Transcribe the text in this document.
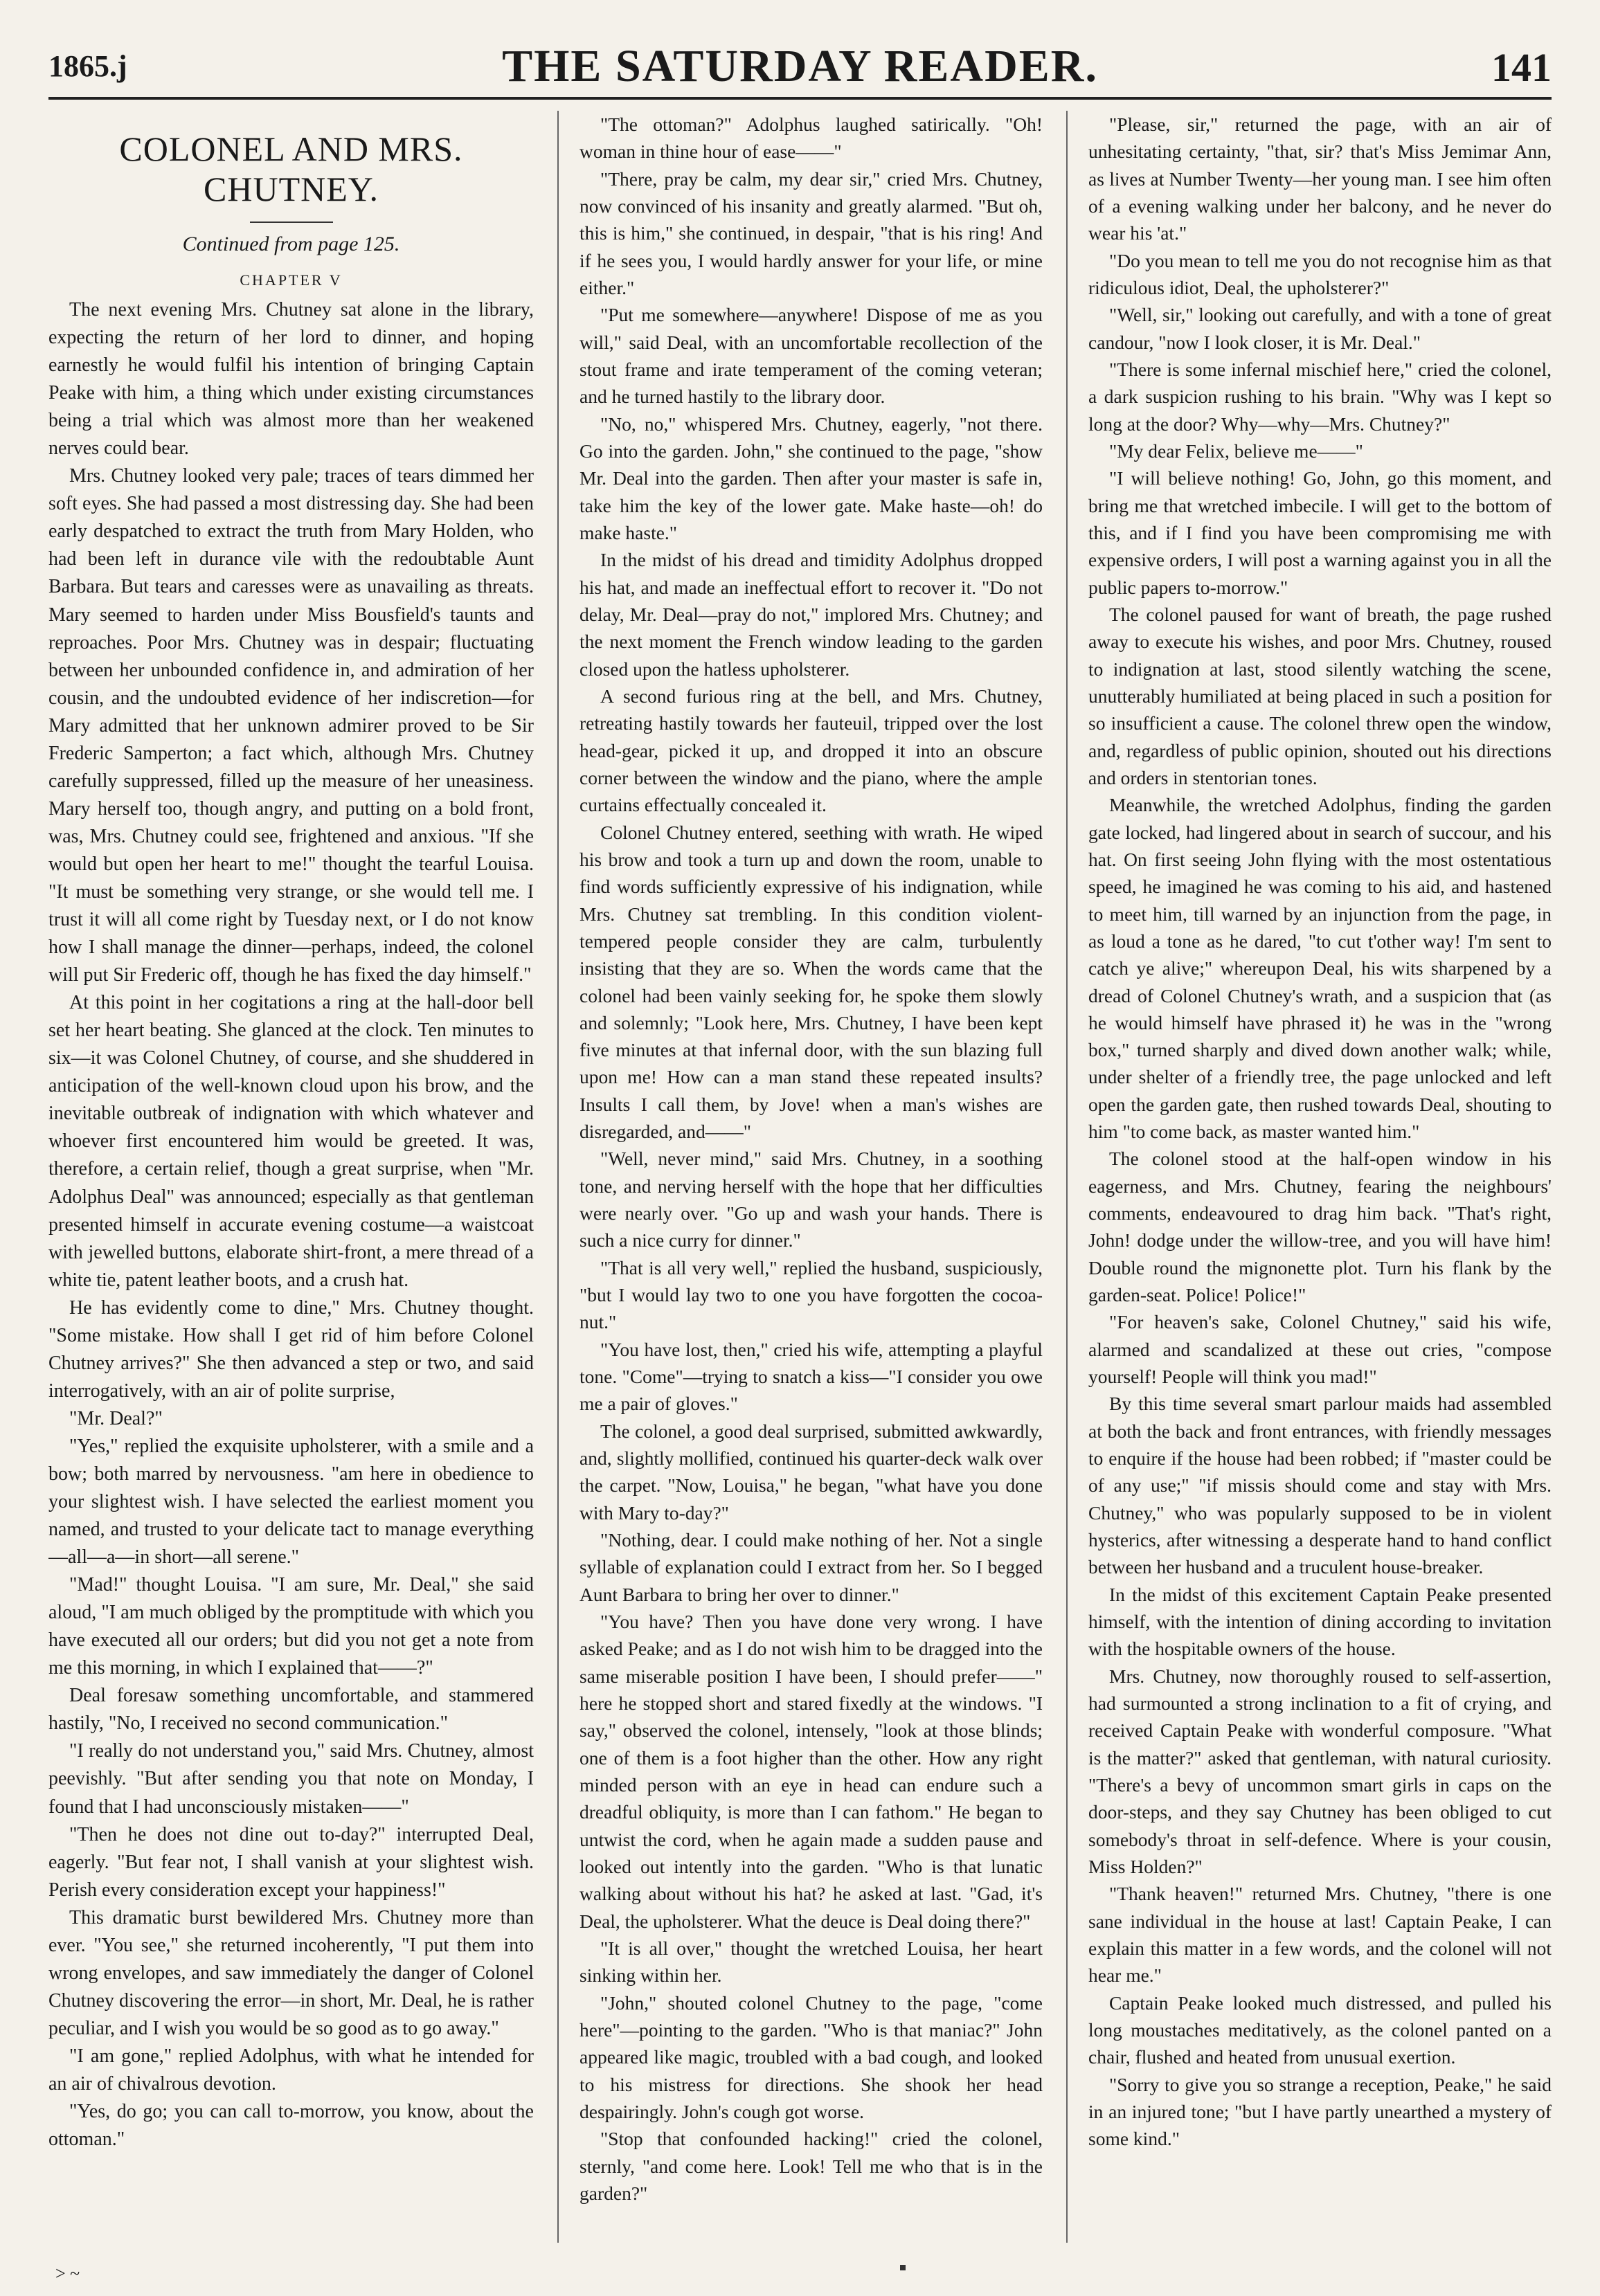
1865.j	THE SATURDAY READER.	141
COLONEL AND MRS. CHUTNEY.
Continued from page 125.
CHAPTER V

The next evening Mrs. Chutney sat alone in the library, expecting the return of her lord to dinner, and hoping earnestly he would fulfil his intention of bringing Captain Peake with him, a thing which under existing circumstances being a trial which was almost more than her weakened nerves could bear.

Mrs. Chutney looked very pale; traces of tears dimmed her soft eyes. She had passed a most distressing day. She had been early despatched to extract the truth from Mary Holden, who had been left in durance vile with the redoubtable Aunt Barbara. But tears and caresses were as unavailing as threats. Mary seemed to harden under Miss Bousfield's taunts and reproaches. Poor Mrs. Chutney was in despair; fluctuating between her unbounded confidence in, and admiration of her cousin, and the undoubted evidence of her indiscretion—for Mary admitted that her unknown admirer proved to be Sir Frederic Samperton; a fact which, although Mrs. Chutney carefully suppressed, filled up the measure of her uneasiness. Mary herself too, though angry, and putting on a bold front, was, Mrs. Chutney could see, frightened and anxious. "If she would but open her heart to me!" thought the tearful Louisa. "It must be something very strange, or she would tell me. I trust it will all come right by Tuesday next, or I do not know how I shall manage the dinner—perhaps, indeed, the colonel will put Sir Frederic off, though he has fixed the day himself."

At this point in her cogitations a ring at the hall-door bell set her heart beating. She glanced at the clock. Ten minutes to six—it was Colonel Chutney, of course, and she shuddered in anticipation of the well-known cloud upon his brow, and the inevitable outbreak of indignation with which whatever and whoever first encountered him would be greeted. It was, therefore, a certain relief, though a great surprise, when "Mr. Adolphus Deal" was announced; especially as that gentleman presented himself in accurate evening costume—a waistcoat with jewelled buttons, elaborate shirt-front, a mere thread of a white tie, patent leather boots, and a crush hat.

He has evidently come to dine," Mrs. Chutney thought. "Some mistake. How shall I get rid of him before Colonel Chutney arrives?" She then advanced a step or two, and said interrogatively, with an air of polite surprise,

"Mr. Deal?"

"Yes," replied the exquisite upholsterer, with a smile and a bow; both marred by nervousness. "am here in obedience to your slightest wish. I have selected the earliest moment you named, and trusted to your delicate tact to manage everything—all—a—in short—all serene."

"Mad!" thought Louisa. "I am sure, Mr. Deal," she said aloud, "I am much obliged by the promptitude with which you have executed all our orders; but did you not get a note from me this morning, in which I explained that——?"

Deal foresaw something uncomfortable, and stammered hastily, "No, I received no second communication."

"I really do not understand you," said Mrs. Chutney, almost peevishly. "But after sending you that note on Monday, I found that I had unconsciously mistaken——"

"Then he does not dine out to-day?" interrupted Deal, eagerly. "But fear not, I shall vanish at your slightest wish. Perish every consideration except your happiness!"

This dramatic burst bewildered Mrs. Chutney more than ever. "You see," she returned incoherently, "I put them into wrong envelopes, and saw immediately the danger of Colonel Chutney discovering the error—in short, Mr. Deal, he is rather peculiar, and I wish you would be so good as to go away."

"I am gone," replied Adolphus, with what he intended for an air of chivalrous devotion.

"Yes, do go; you can call to-morrow, you know, about the ottoman."

"The ottoman?" Adolphus laughed satirically. "Oh! woman in thine hour of ease——"

"There, pray be calm, my dear sir," cried Mrs. Chutney, now convinced of his insanity and greatly alarmed. "But oh, this is him," she continued, in despair, "that is his ring! And if he sees you, I would hardly answer for your life, or mine either."

"Put me somewhere—anywhere! Dispose of me as you will," said Deal, with an uncomfortable recollection of the stout frame and irate temperament of the coming veteran; and he turned hastily to the library door.

"No, no," whispered Mrs. Chutney, eagerly, "not there. Go into the garden. John," she continued to the page, "show Mr. Deal into the garden. Then after your master is safe in, take him the key of the lower gate. Make haste—oh! do make haste."

In the midst of his dread and timidity Adolphus dropped his hat, and made an ineffectual effort to recover it. "Do not delay, Mr. Deal—pray do not," implored Mrs. Chutney; and the next moment the French window leading to the garden closed upon the hatless upholsterer.

A second furious ring at the bell, and Mrs. Chutney, retreating hastily towards her fauteuil, tripped over the lost head-gear, picked it up, and dropped it into an obscure corner between the window and the piano, where the ample curtains effectually concealed it.

Colonel Chutney entered, seething with wrath. He wiped his brow and took a turn up and down the room, unable to find words sufficiently expressive of his indignation, while Mrs. Chutney sat trembling. In this condition violent-tempered people consider they are calm, turbulently insisting that they are so. When the words came that the colonel had been vainly seeking for, he spoke them slowly and solemnly; "Look here, Mrs. Chutney, I have been kept five minutes at that infernal door, with the sun blazing full upon me! How can a man stand these repeated insults? Insults I call them, by Jove! when a man's wishes are disregarded, and——"

"Well, never mind," said Mrs. Chutney, in a soothing tone, and nerving herself with the hope that her difficulties were nearly over. "Go up and wash your hands. There is such a nice curry for dinner."

"That is all very well," replied the husband, suspiciously, "but I would lay two to one you have forgotten the cocoa-nut."

"You have lost, then," cried his wife, attempting a playful tone. "Come"—trying to snatch a kiss—"I consider you owe me a pair of gloves."

The colonel, a good deal surprised, submitted awkwardly, and, slightly mollified, continued his quarter-deck walk over the carpet. "Now, Louisa," he began, "what have you done with Mary to-day?"

"Nothing, dear. I could make nothing of her. Not a single syllable of explanation could I extract from her. So I begged Aunt Barbara to bring her over to dinner."

"You have? Then you have done very wrong. I have asked Peake; and as I do not wish him to be dragged into the same miserable position I have been, I should prefer——" here he stopped short and stared fixedly at the windows. "I say," observed the colonel, intensely, "look at those blinds; one of them is a foot higher than the other. How any right minded person with an eye in head can endure such a dreadful obliquity, is more than I can fathom." He began to untwist the cord, when he again made a sudden pause and looked out intently into the garden. "Who is that lunatic walking about without his hat? he asked at last. "Gad, it's Deal, the upholsterer. What the deuce is Deal doing there?"

"It is all over," thought the wretched Louisa, her heart sinking within her.

"John," shouted colonel Chutney to the page, "come here"—pointing to the garden. "Who is that maniac?" John appeared like magic, troubled with a bad cough, and looked to his mistress for directions. She shook her head despairingly. John's cough got worse.

"Stop that confounded hacking!" cried the colonel, sternly, "and come here. Look! Tell me who that is in the garden?"

"Please, sir," returned the page, with an air of unhesitating certainty, "that, sir? that's Miss Jemimar Ann, as lives at Number Twenty—her young man. I see him often of a evening walking under her balcony, and he never do wear his 'at."

"Do you mean to tell me you do not recognise him as that ridiculous idiot, Deal, the upholsterer?"

"Well, sir," looking out carefully, and with a tone of great candour, "now I look closer, it is Mr. Deal."

"There is some infernal mischief here," cried the colonel, a dark suspicion rushing to his brain. "Why was I kept so long at the door? Why—why—Mrs. Chutney?"

"My dear Felix, believe me——"

"I will believe nothing! Go, John, go this moment, and bring me that wretched imbecile. I will get to the bottom of this, and if I find you have been compromising me with expensive orders, I will post a warning against you in all the public papers to-morrow."

The colonel paused for want of breath, the page rushed away to execute his wishes, and poor Mrs. Chutney, roused to indignation at last, stood silently watching the scene, unutterably humiliated at being placed in such a position for so insufficient a cause. The colonel threw open the window, and, regardless of public opinion, shouted out his directions and orders in stentorian tones.

Meanwhile, the wretched Adolphus, finding the garden gate locked, had lingered about in search of succour, and his hat. On first seeing John flying with the most ostentatious speed, he imagined he was coming to his aid, and hastened to meet him, till warned by an injunction from the page, in as loud a tone as he dared, "to cut t'other way! I'm sent to catch ye alive;" whereupon Deal, his wits sharpened by a dread of Colonel Chutney's wrath, and a suspicion that (as he would himself have phrased it) he was in the "wrong box," turned sharply and dived down another walk; while, under shelter of a friendly tree, the page unlocked and left open the garden gate, then rushed towards Deal, shouting to him "to come back, as master wanted him."

The colonel stood at the half-open window in his eagerness, and Mrs. Chutney, fearing the neighbours' comments, endeavoured to drag him back. "That's right, John! dodge under the willow-tree, and you will have him! Double round the mignonette plot. Turn his flank by the garden-seat. Police! Police!"

"For heaven's sake, Colonel Chutney," said his wife, alarmed and scandalized at these out cries, "compose yourself! People will think you mad!"

By this time several smart parlour maids had assembled at both the back and front entrances, with friendly messages to enquire if the house had been robbed; if "master could be of any use;" "if missis should come and stay with Mrs. Chutney," who was popularly supposed to be in violent hysterics, after witnessing a desperate hand to hand conflict between her husband and a truculent house-breaker.

In the midst of this excitement Captain Peake presented himself, with the intention of dining according to invitation with the hospitable owners of the house.

Mrs. Chutney, now thoroughly roused to self-assertion, had surmounted a strong inclination to a fit of crying, and received Captain Peake with wonderful composure. "What is the matter?" asked that gentleman, with natural curiosity. "There's a bevy of uncommon smart girls in caps on the door-steps, and they say Chutney has been obliged to cut somebody's throat in self-defence. Where is your cousin, Miss Holden?"

"Thank heaven!" returned Mrs. Chutney, "there is one sane individual in the house at last! Captain Peake, I can explain this matter in a few words, and the colonel will not hear me."

Captain Peake looked much distressed, and pulled his long moustaches meditatively, as the colonel panted on a chair, flushed and heated from unusual exertion.

"Sorry to give you so strange a reception, Peake," he said in an injured tone; "but I have partly unearthed a mystery of some kind."

> ~
